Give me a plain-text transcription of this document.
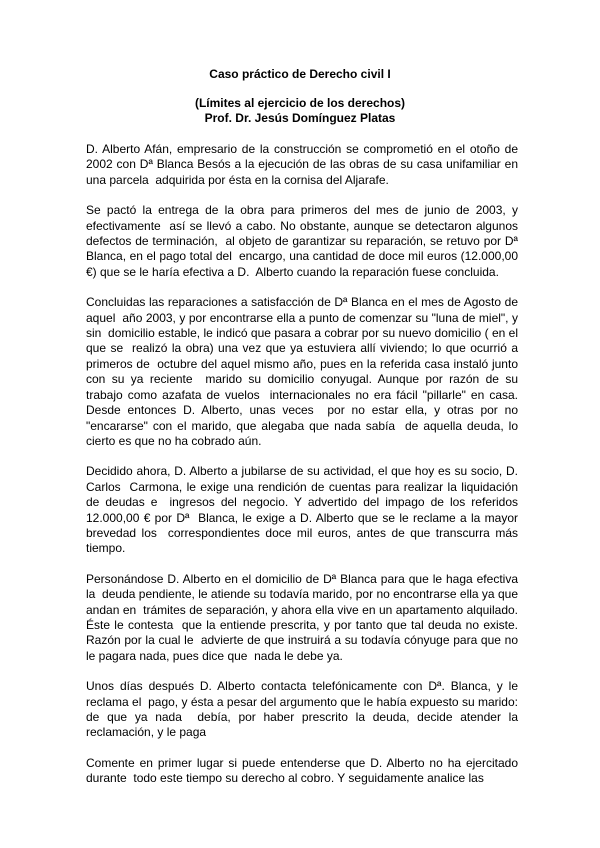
Caso práctico de Derecho civil I
(Límites al ejercicio de los derechos)
Prof. Dr. Jesús Domínguez Platas

D. Alberto Afán, empresario de la construcción se comprometió en el otoño de 2002 con Dª Blanca Besós a la ejecución de las obras de su casa unifamiliar en una parcela  adquirida por ésta en la cornisa del Aljarafe.

Se pactó la entrega de la obra para primeros del mes de junio de 2003, y efectivamente  así se llevó a cabo. No obstante, aunque se detectaron algunos defectos de terminación,  al objeto de garantizar su reparación, se retuvo por Dª Blanca, en el pago total del  encargo, una cantidad de doce mil euros (12.000,00 €) que se le haría efectiva a D.  Alberto cuando la reparación fuese concluida.

Concluidas las reparaciones a satisfacción de Dª Blanca en el mes de Agosto de aquel  año 2003, y por encontrarse ella a punto de comenzar su "luna de miel", y sin  domicilio estable, le indicó que pasara a cobrar por su nuevo domicilio ( en el que se  realizó la obra) una vez que ya estuviera allí viviendo; lo que ocurrió a primeros de  octubre del aquel mismo año, pues en la referida casa instaló junto con su ya reciente  marido su domicilio conyugal. Aunque por razón de su trabajo como azafata de vuelos  internacionales no era fácil "pillarle" en casa. Desde entonces D. Alberto, unas veces  por no estar ella, y otras por no "encararse" con el marido, que alegaba que nada sabía  de aquella deuda, lo cierto es que no ha cobrado aún.

Decidido ahora, D. Alberto a jubilarse de su actividad, el que hoy es su socio, D. Carlos  Carmona, le exige una rendición de cuentas para realizar la liquidación de deudas e  ingresos del negocio. Y advertido del impago de los referidos 12.000,00 € por Dª  Blanca, le exige a D. Alberto que se le reclame a la mayor brevedad los  correspondientes doce mil euros, antes de que transcurra más tiempo.

Personándose D. Alberto en el domicilio de Dª Blanca para que le haga efectiva la  deuda pendiente, le atiende su todavía marido, por no encontrarse ella ya que andan en  trámites de separación, y ahora ella vive en un apartamento alquilado. Éste le contesta  que la entiende prescrita, y por tanto que tal deuda no existe. Razón por la cual le  advierte de que instruirá a su todavía cónyuge para que no le pagara nada, pues dice que  nada le debe ya.

Unos días después D. Alberto contacta telefónicamente con Dª. Blanca, y le reclama el  pago, y ésta a pesar del argumento que le había expuesto su marido: de que ya nada  debía, por haber prescrito la deuda, decide atender la reclamación, y le paga

Comente en primer lugar si puede entenderse que D. Alberto no ha ejercitado durante  todo este tiempo su derecho al cobro. Y seguidamente analice las
